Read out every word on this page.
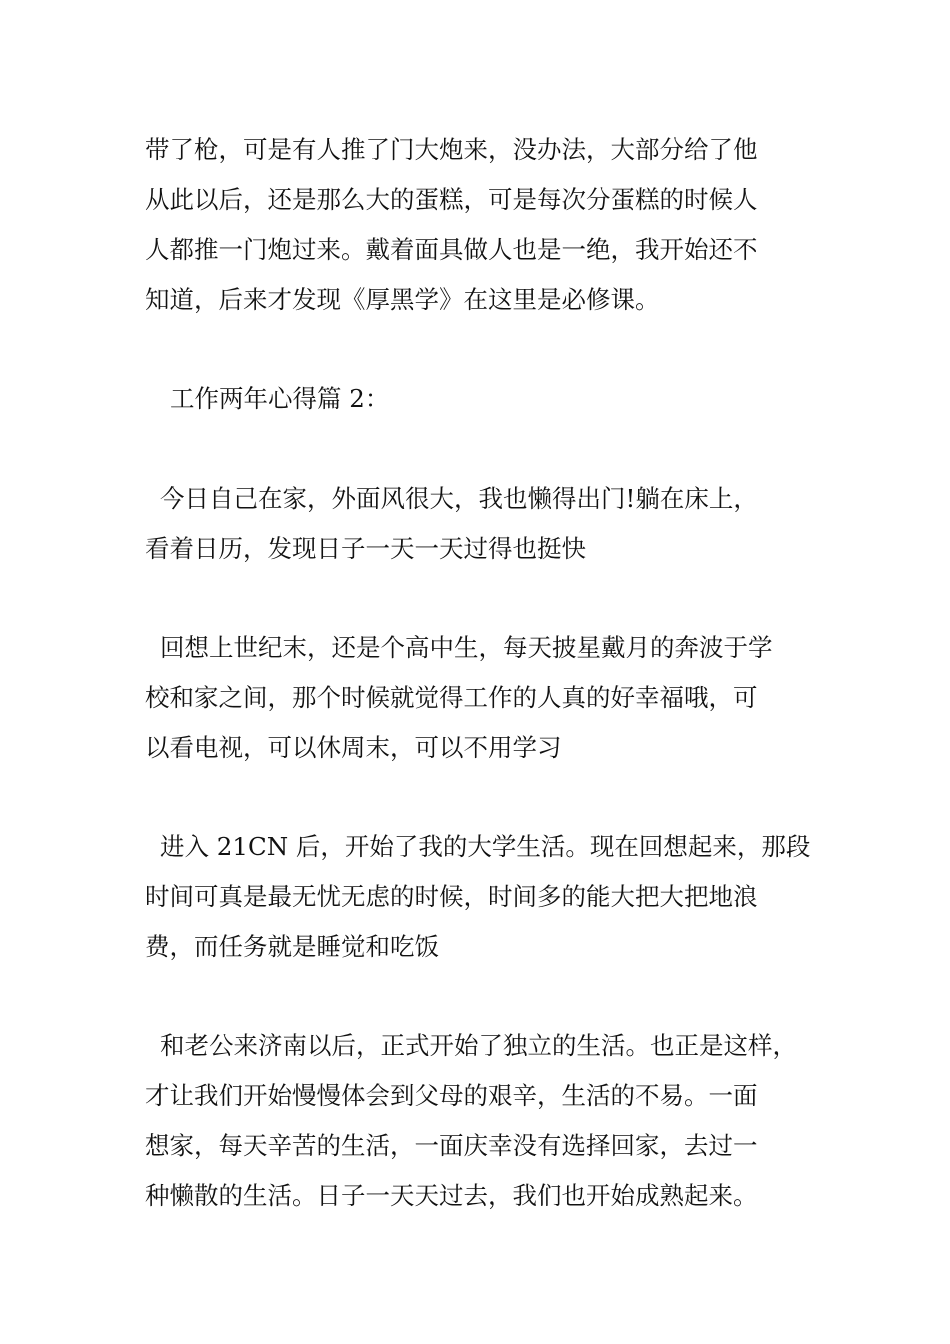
带了枪，可是有人推了门大炮来，没办法，大部分给了他
从此以后，还是那么大的蛋糕，可是每次分蛋糕的时候人
人都推一门炮过来。戴着面具做人也是一绝，我开始还不
知道，后来才发现《厚黑学》在这里是必修课。
工作两年心得篇 2：
今日自己在家，外面风很大，我也懒得出门!躺在床上，
看着日历，发现日子一天一天过得也挺快
回想上世纪末，还是个高中生，每天披星戴月的奔波于学
校和家之间，那个时候就觉得工作的人真的好幸福哦，可
以看电视，可以休周末，可以不用学习
进入 21CN 后，开始了我的大学生活。现在回想起来，那段
时间可真是最无忧无虑的时候，时间多的能大把大把地浪
费，而任务就是睡觉和吃饭
和老公来济南以后，正式开始了独立的生活。也正是这样，
才让我们开始慢慢体会到父母的艰辛，生活的不易。一面
想家，每天辛苦的生活，一面庆幸没有选择回家，去过一
种懒散的生活。日子一天天过去，我们也开始成熟起来。
